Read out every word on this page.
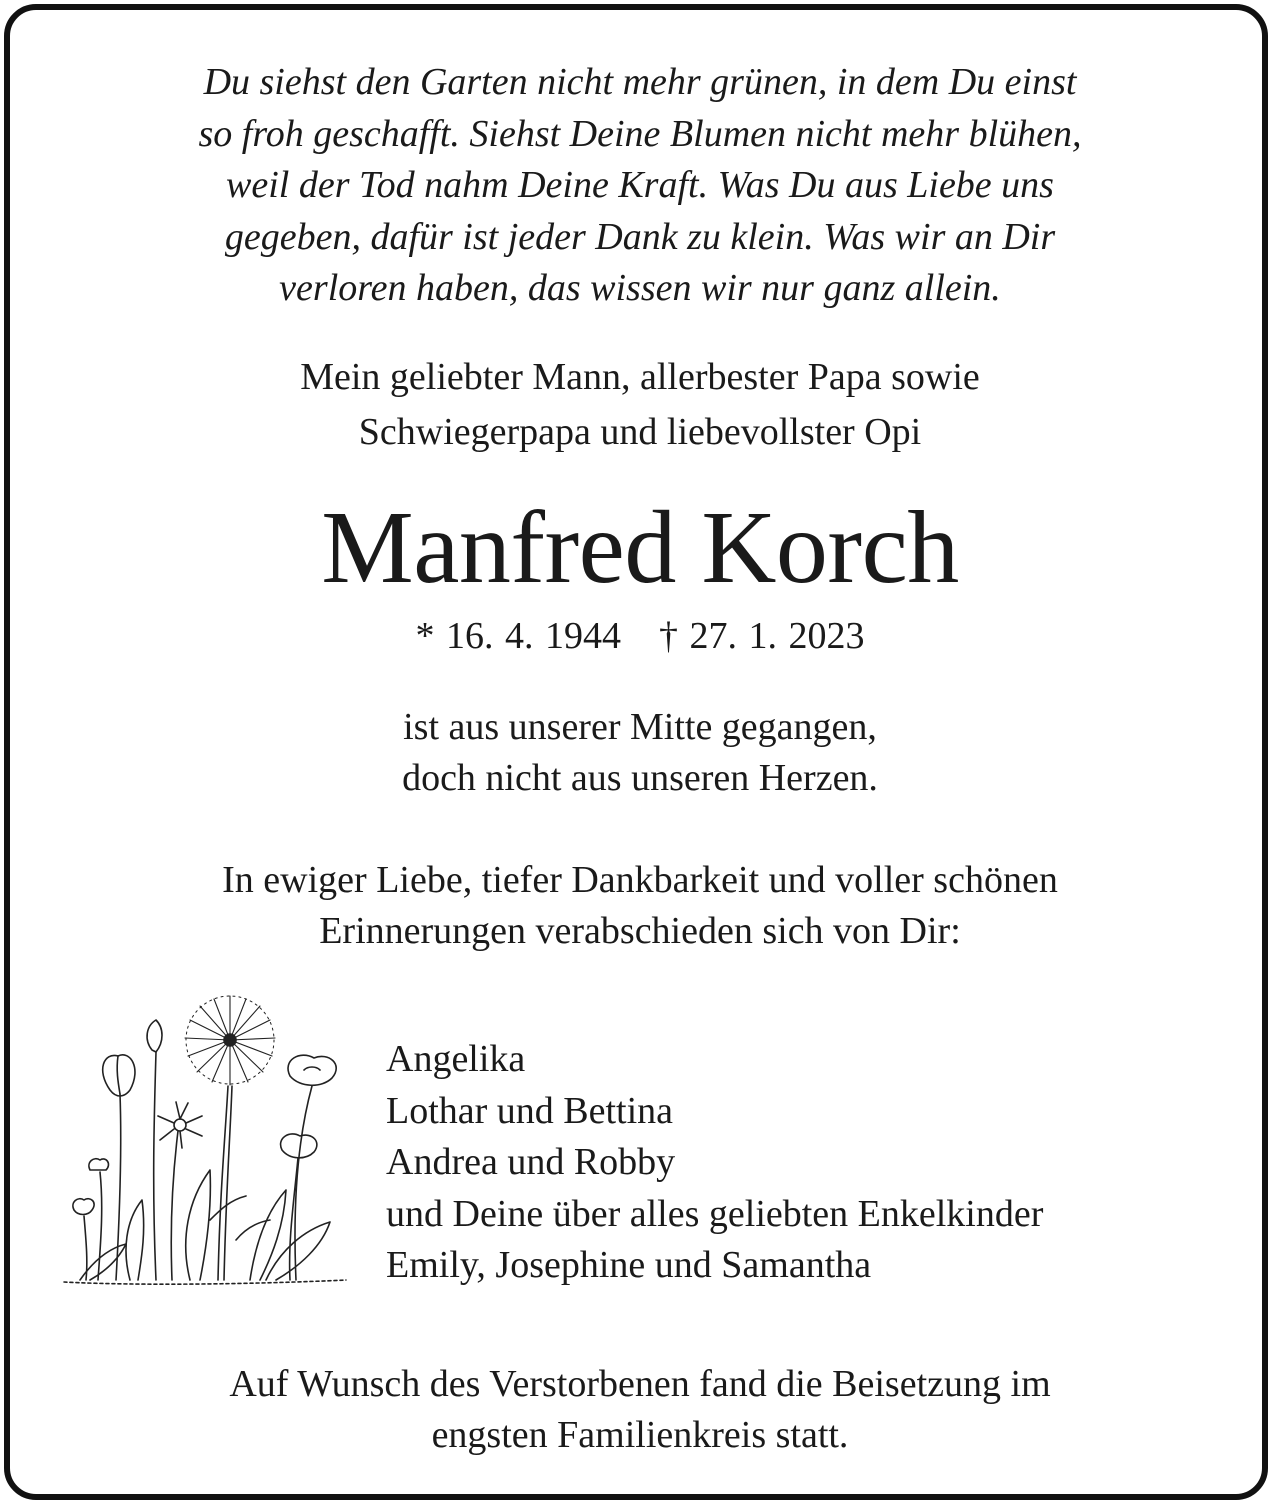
Du siehst den Garten nicht mehr grünen, in dem Du einst
so froh geschafft. Siehst Deine Blumen nicht mehr blühen,
weil der Tod nahm Deine Kraft. Was Du aus Liebe uns
gegeben, dafür ist jeder Dank zu klein. Was wir an Dir
verloren haben, das wissen wir nur ganz allein.
Mein geliebter Mann, allerbester Papa sowie
Schwiegerpapa und liebevollster Opi
Manfred Korch
* 16. 4. 1944 † 27. 1. 2023
ist aus unserer Mitte gegangen,
doch nicht aus unseren Herzen.
In ewiger Liebe, tiefer Dankbarkeit und voller schönen
Erinnerungen verabschieden sich von Dir:
Angelika
Lothar und Bettina
Andrea und Robby
und Deine über alles geliebten Enkelkinder
Emily, Josephine und Samantha
Auf Wunsch des Verstorbenen fand die Beisetzung im
engsten Familienkreis statt.
